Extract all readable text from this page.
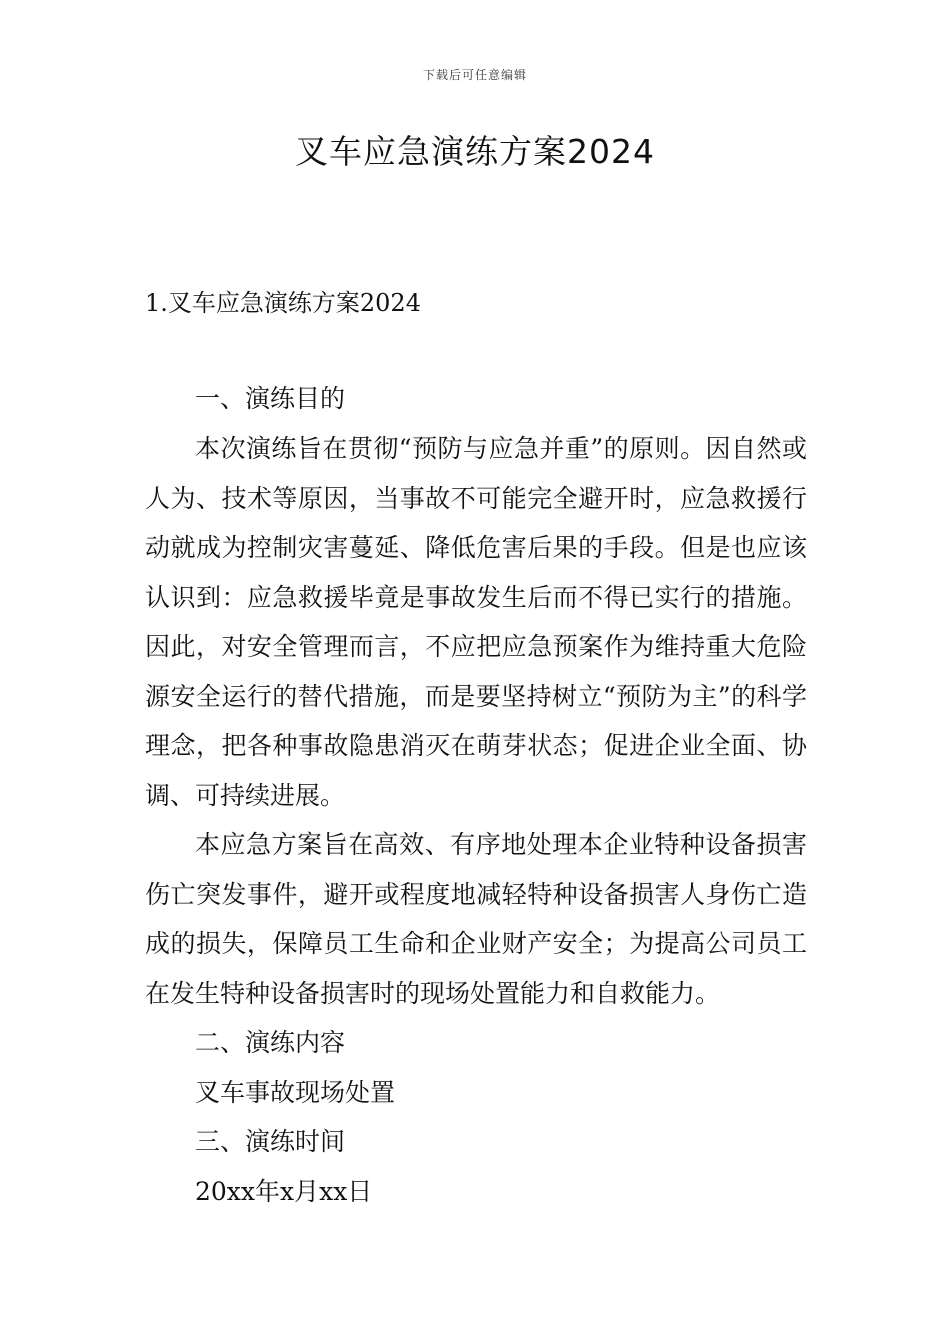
下载后可任意编辑
叉车应急演练方案2024

1.叉车应急演练方案2024

一、演练目的

本次演练旨在贯彻“预防与应急并重”的原则。因自然或人为、技术等原因，当事故不可能完全避开时，应急救援行动就成为控制灾害蔓延、降低危害后果的手段。但是也应该认识到：应急救援毕竟是事故发生后而不得已实行的措施。因此，对安全管理而言，不应把应急预案作为维持重大危险源安全运行的替代措施，而是要坚持树立“预防为主”的科学理念，把各种事故隐患消灭在萌芽状态；促进企业全面、协调、可持续进展。

本应急方案旨在高效、有序地处理本企业特种设备损害伤亡突发事件，避开或程度地减轻特种设备损害人身伤亡造成的损失，保障员工生命和企业财产安全；为提高公司员工在发生特种设备损害时的现场处置能力和自救能力。

二、演练内容

叉车事故现场处置

三、演练时间

20xx年x月xx日
